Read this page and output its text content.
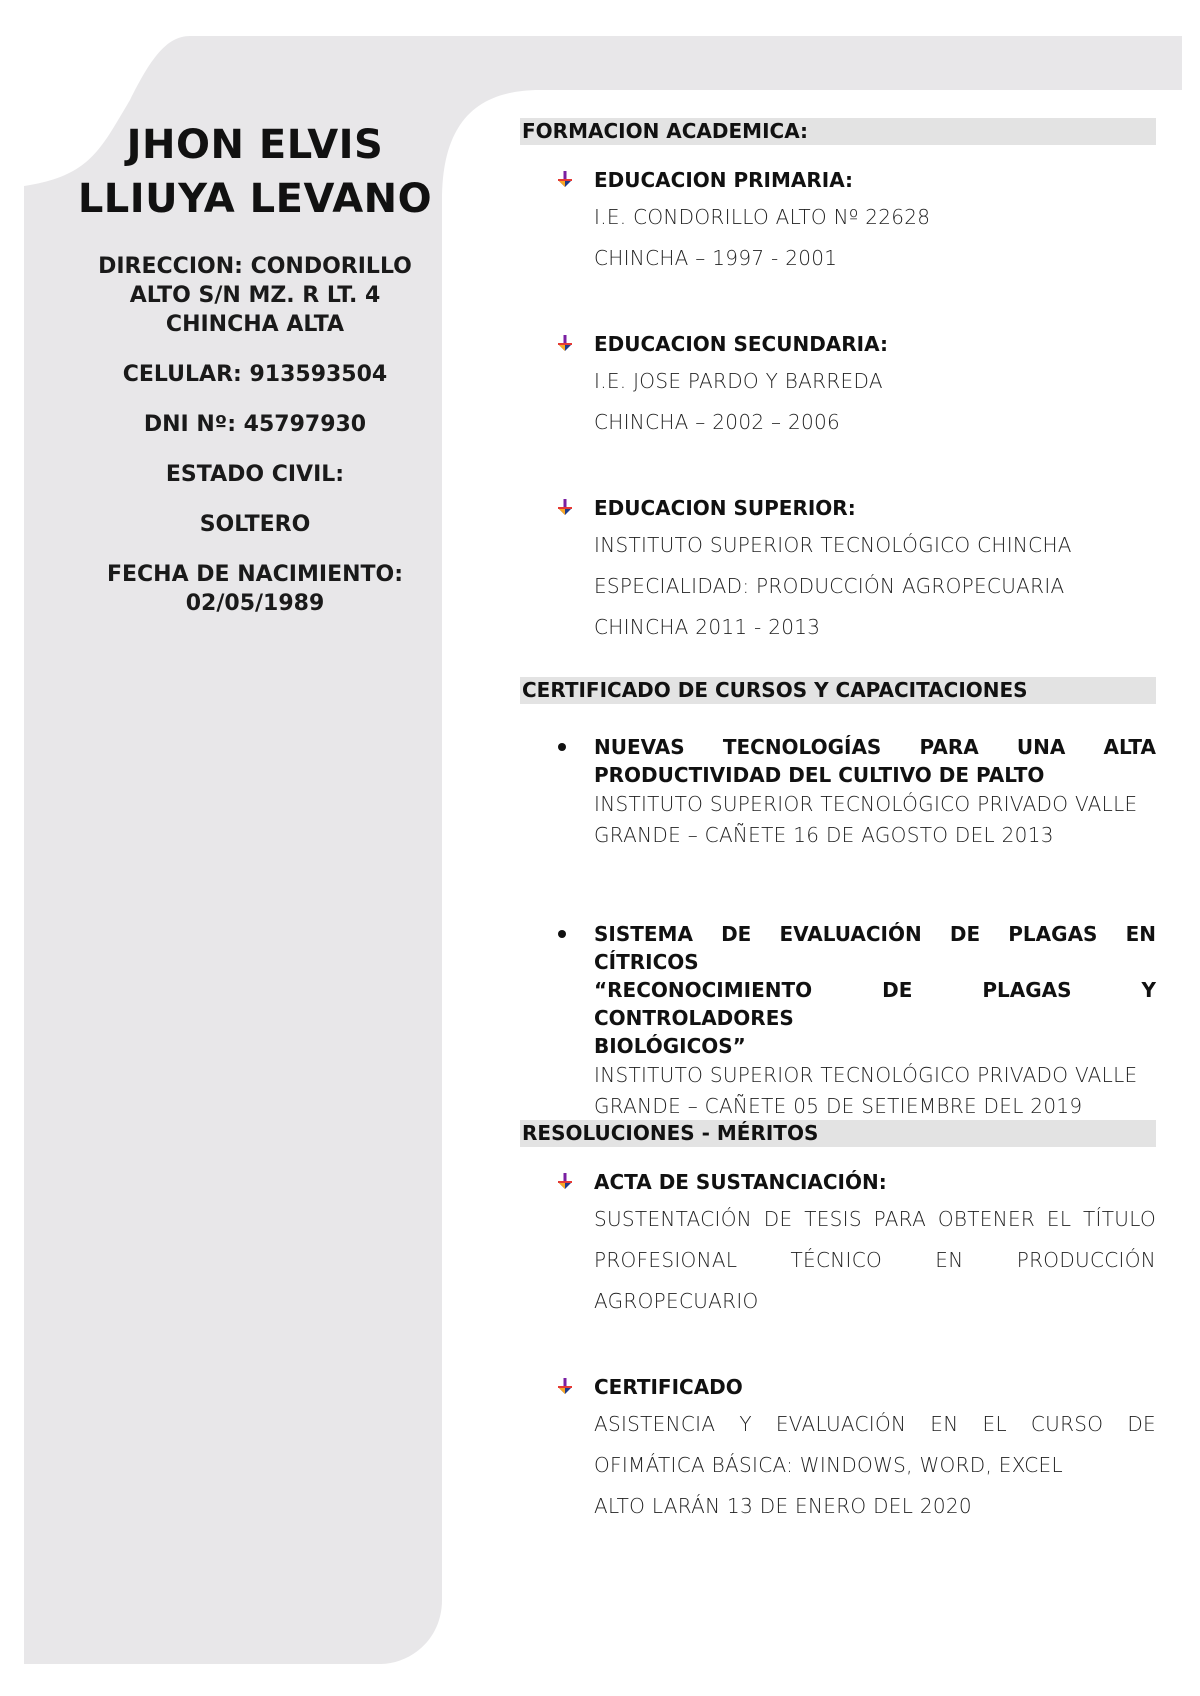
JHON ELVIS
LLIUYA LEVANO
DIRECCION: CONDORILLO
ALTO S/N MZ. R LT. 4
CHINCHA ALTA
CELULAR: 913593504
DNI Nº: 45797930
ESTADO CIVIL:
SOLTERO
FECHA DE NACIMIENTO:
02/05/1989
FORMACION ACADEMICA:
EDUCACION PRIMARIA:
I.E. CONDORILLO ALTO Nº 22628
CHINCHA – 1997 - 2001
EDUCACION SECUNDARIA:
I.E. JOSE PARDO Y BARREDA
CHINCHA – 2002 – 2006
EDUCACION SUPERIOR:
INSTITUTO SUPERIOR TECNOLÓGICO CHINCHA
ESPECIALIDAD: PRODUCCIÓN AGROPECUARIA
CHINCHA 2011 - 2013
CERTIFICADO DE CURSOS Y CAPACITACIONES
NUEVAS TECNOLOGÍAS PARA UNA ALTA
PRODUCTIVIDAD DEL CULTIVO DE PALTO
INSTITUTO SUPERIOR TECNOLÓGICO PRIVADO VALLE
GRANDE – CAÑETE 16 DE AGOSTO DEL 2013
SISTEMA DE EVALUACIÓN DE PLAGAS EN CÍTRICOS
“RECONOCIMIENTO DE PLAGAS Y CONTROLADORES
BIOLÓGICOS”
INSTITUTO SUPERIOR TECNOLÓGICO PRIVADO VALLE
GRANDE – CAÑETE 05 DE SETIEMBRE DEL 2019
RESOLUCIONES - MÉRITOS
ACTA DE SUSTANCIACIÓN:
SUSTENTACIÓN DE TESIS PARA OBTENER EL TÍTULO
PROFESIONAL TÉCNICO EN PRODUCCIÓN
AGROPECUARIO
CERTIFICADO
ASISTENCIA Y EVALUACIÓN EN EL CURSO DE
OFIMÁTICA BÁSICA: WINDOWS, WORD, EXCEL
ALTO LARÁN 13 DE ENERO DEL 2020
